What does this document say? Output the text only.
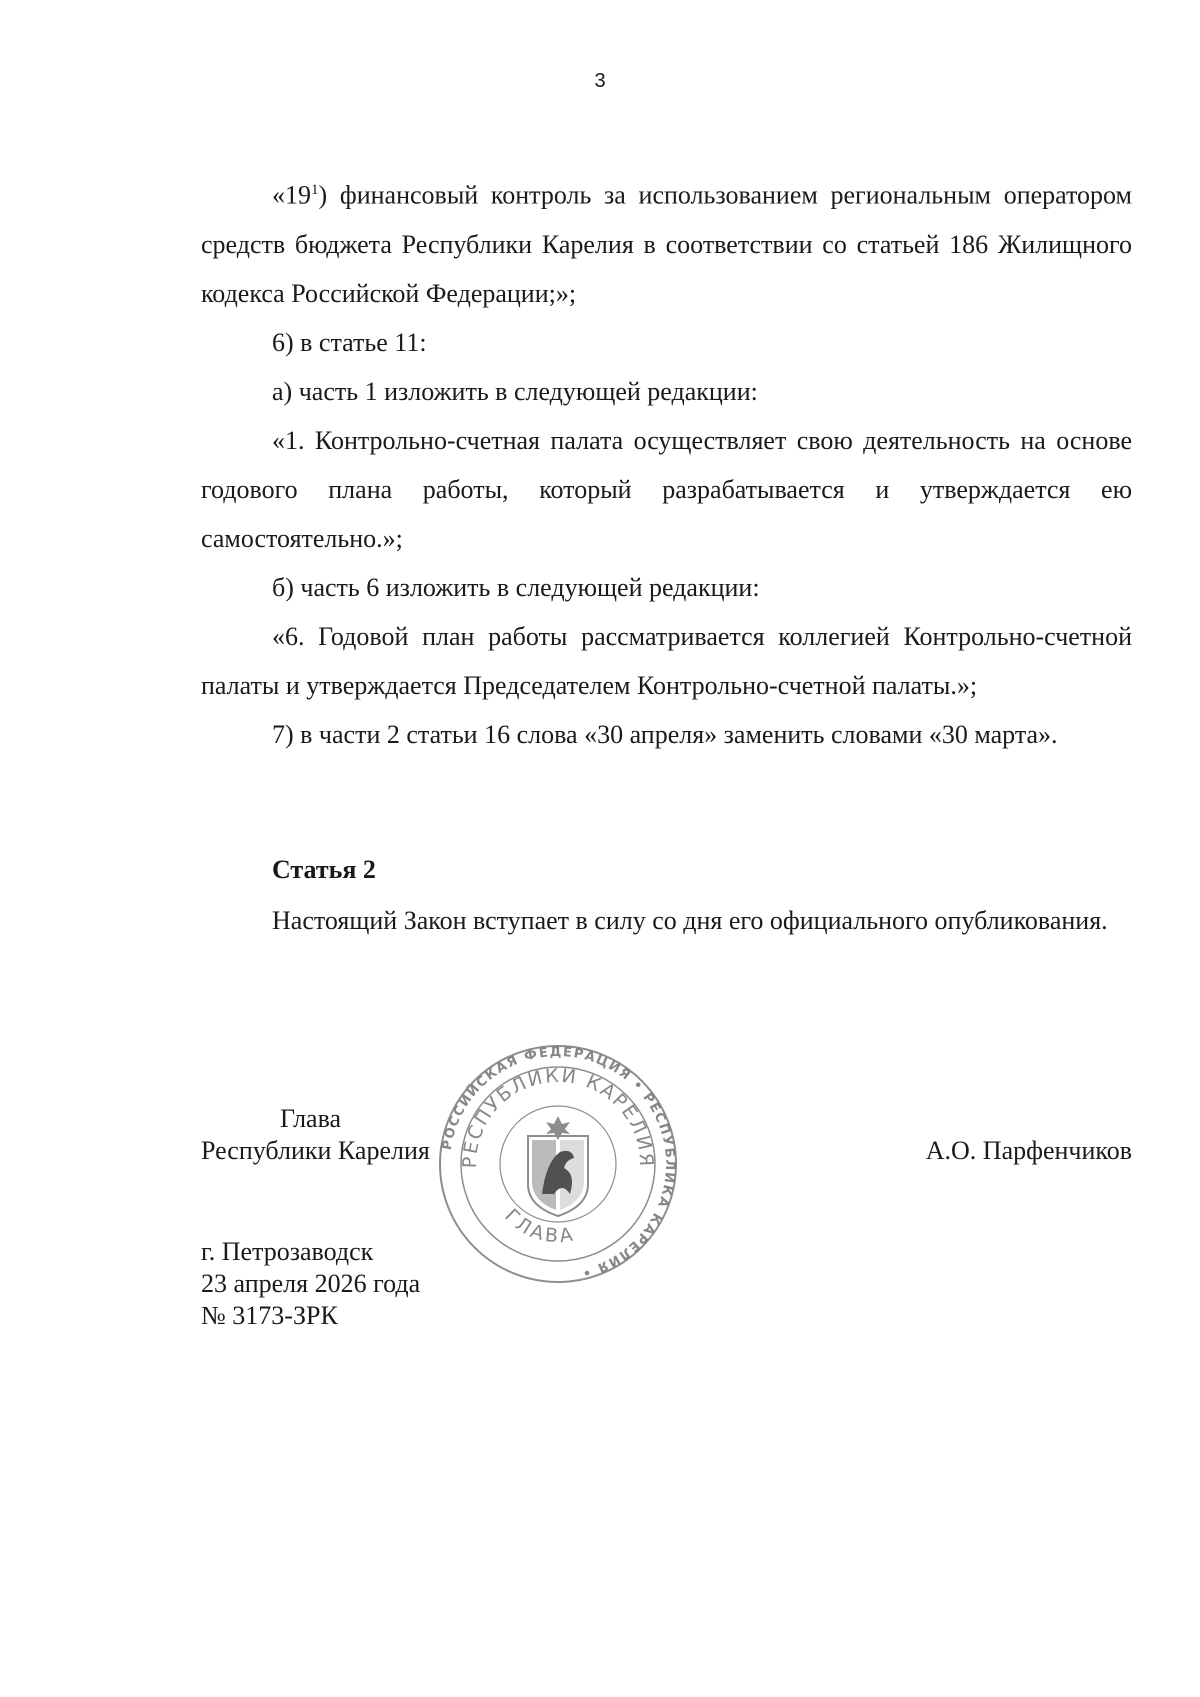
3

«$19^1$) финансовый контроль за использованием региональным оператором средств бюджета Республики Карелия в соответствии со статьей 186 Жилищного кодекса Российской Федерации;»;

6) в статье 11:

а) часть 1 изложить в следующей редакции:

«1. Контрольно-счетная палата осуществляет свою деятельность на основе годового плана работы, который разрабатывается и утверждается ею самостоятельно.»;

б) часть 6 изложить в следующей редакции:

«6. Годовой план работы рассматривается коллегией Контрольно-счетной палаты и утверждается Председателем Контрольно-счетной палаты.»;

7) в части 2 статьи 16 слова «30 апреля» заменить словами «30 марта».

Статья 2

Настоящий Закон вступает в силу со дня его официального опубликования.

Глава
Республики Карелия	А.О. Парфенчиков
г. Петрозаводск
23 апреля 2026 года
№ 3173-ЗРК
РОССИЙСКАЯ ФЕДЕРАЦИЯ • РЕСПУБЛИКА КАРЕЛИЯ •
РЕСПУБЛИКИ КАРЕЛИЯ
ГЛАВА
